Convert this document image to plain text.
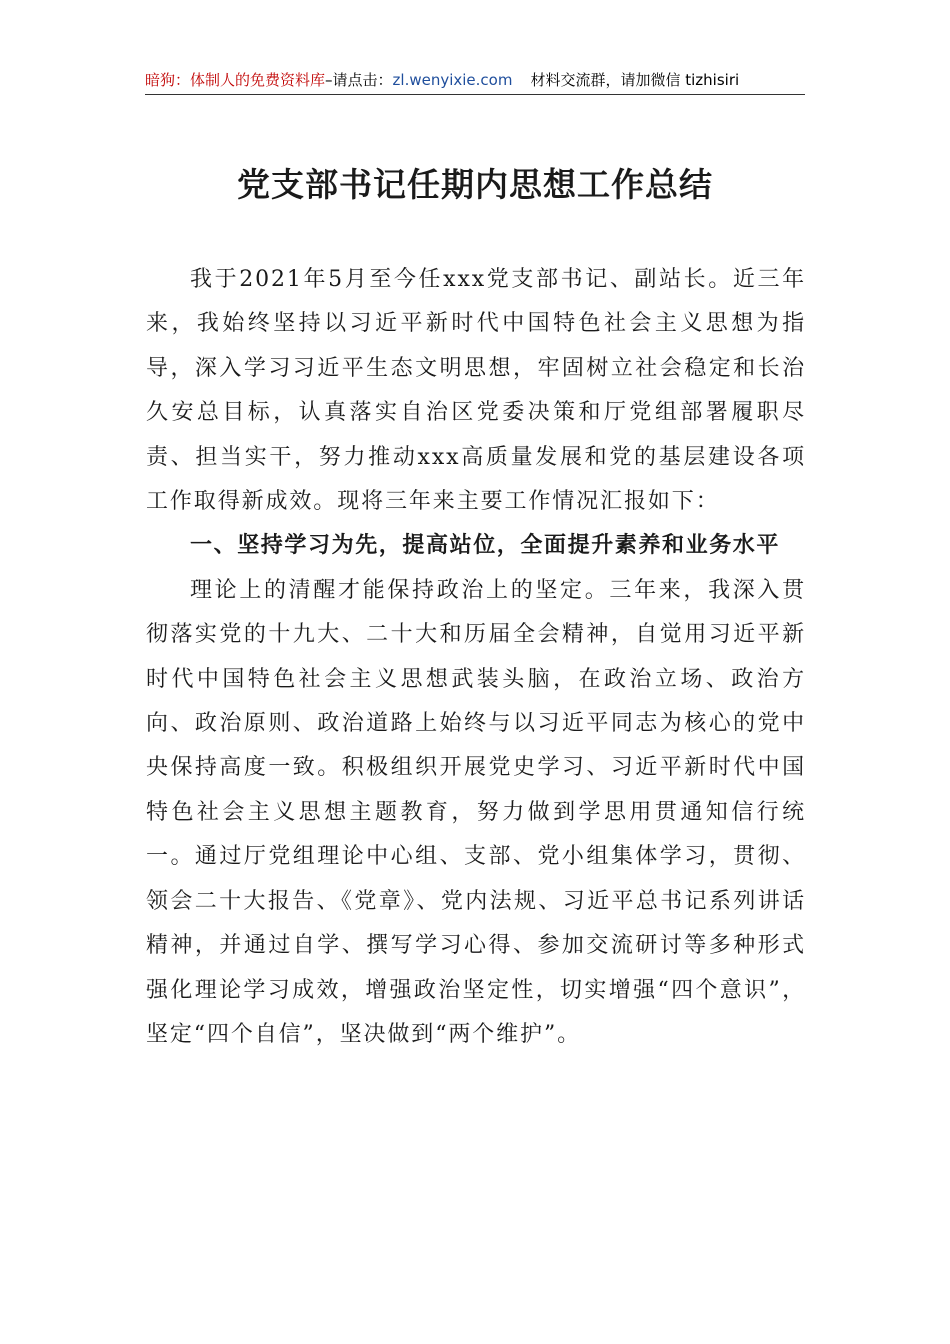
暗狗：体制人的免费资料库–请点击：zl.wenyixie.com 材料交流群，请加微信 tizhisiri
党支部书记任期内思想工作总结

我于2021年5月至今任xxx党支部书记、副站长。近三年来，我始终坚持以习近平新时代中国特色社会主义思想为指导，深入学习习近平生态文明思想，牢固树立社会稳定和长治久安总目标，认真落实自治区党委决策和厅党组部署履职尽责、担当实干，努力推动xxx高质量发展和党的基层建设各项工作取得新成效。现将三年来主要工作情况汇报如下：

一、坚持学习为先，提高站位，全面提升素养和业务水平

理论上的清醒才能保持政治上的坚定。三年来，我深入贯彻落实党的十九大、二十大和历届全会精神，自觉用习近平新时代中国特色社会主义思想武装头脑，在政治立场、政治方向、政治原则、政治道路上始终与以习近平同志为核心的党中央保持高度一致。积极组织开展党史学习、习近平新时代中国特色社会主义思想主题教育，努力做到学思用贯通知信行统一。通过厅党组理论中心组、支部、党小组集体学习，贯彻、领会二十大报告、《党章》、党内法规、习近平总书记系列讲话精神，并通过自学、撰写学习心得、参加交流研讨等多种形式强化理论学习成效，增强政治坚定性，切实增强“四个意识”，坚定“四个自信”，坚决做到“两个维护”。
